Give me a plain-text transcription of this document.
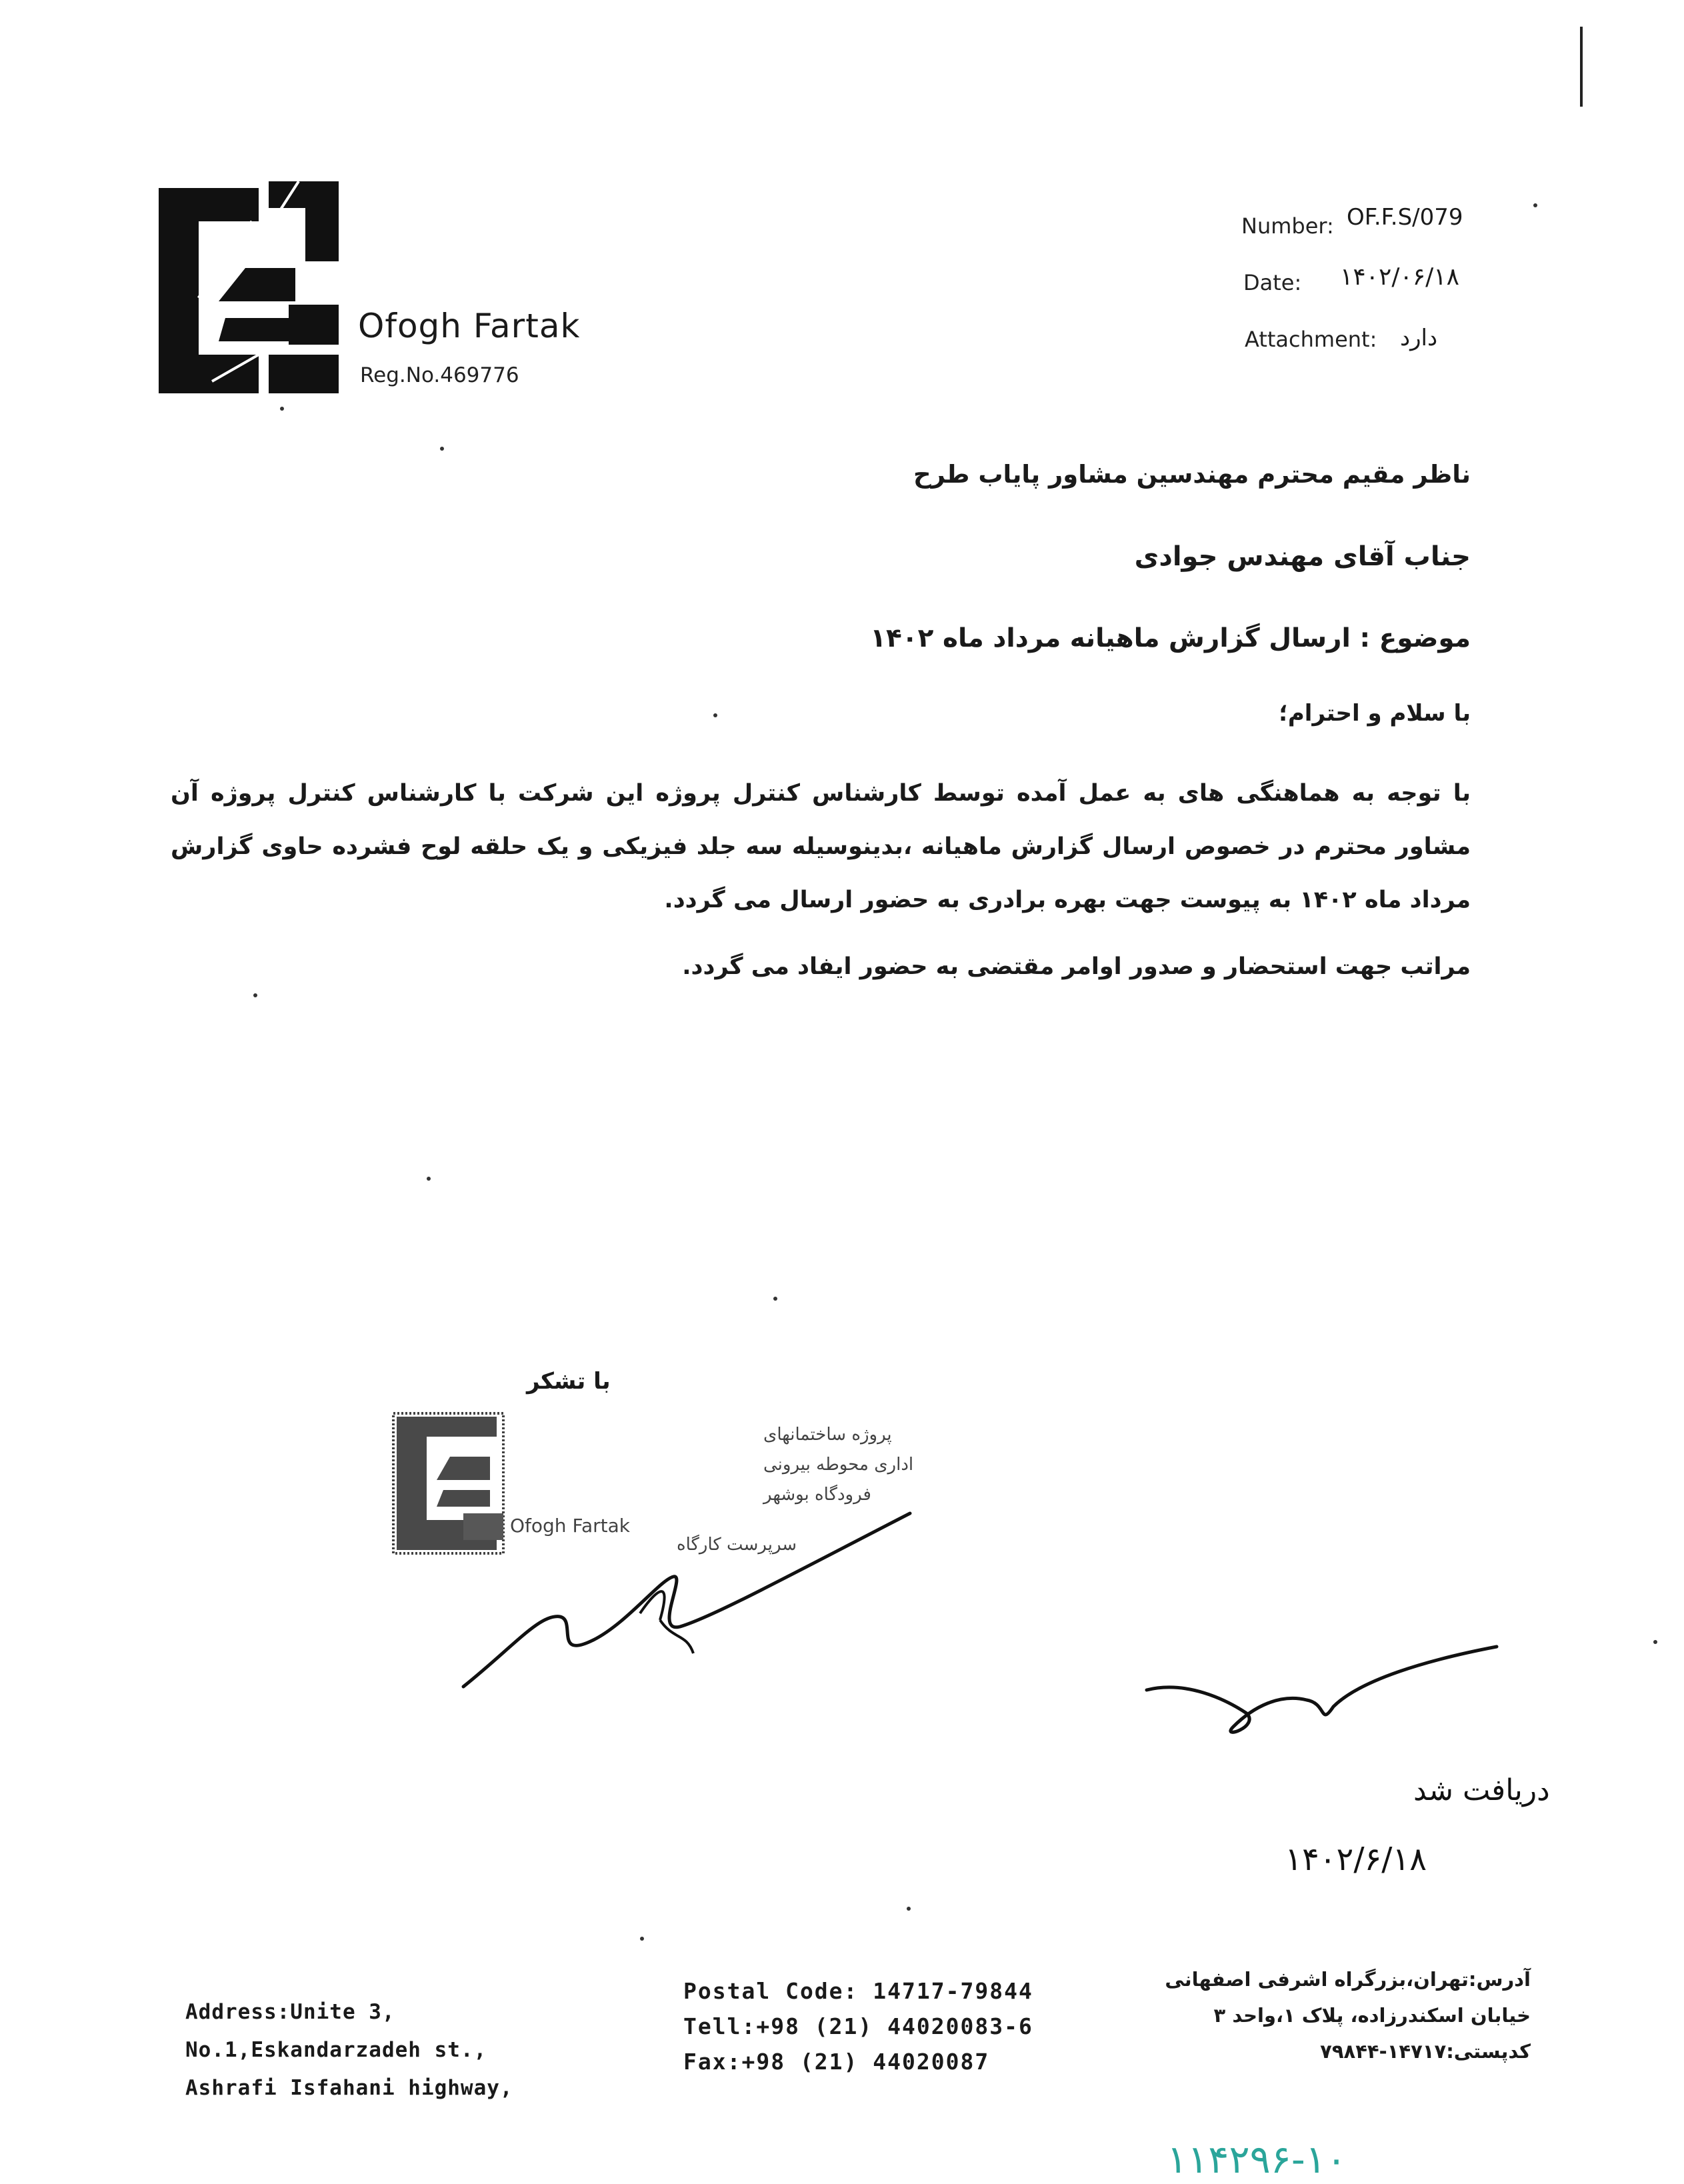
Ofogh Fartak
Reg.No.469776
Number: OF.F.S/079
Date: ۱۴۰۲/۰۶/۱۸
Attachment: دارد
ناظر مقیم محترم مهندسین مشاور پایاب طرح
جناب آقای مهندس جوادی
موضوع : ارسال گزارش ماهیانه مرداد ماه ۱۴۰۲
با سلام و احترام؛
با توجه به هماهنگی های به عمل آمده توسط کارشناس کنترل پروژه این شرکت با کارشناس کنترل پروژه آن مشاور محترم در خصوص ارسال گزارش ماهیانه ،بدینوسیله سه جلد فیزیکی و یک حلقه لوح فشرده حاوی گزارش مرداد ماه ۱۴۰۲ به پیوست جهت بهره برادری به حضور ارسال می گردد.
مراتب جهت استحضار و صدور اوامر مقتضی به حضور ایفاد می گردد.
با تشکر
پروژه ساختمانهای
اداری محوطه بیرونی
فرودگاه بوشهر
Ofogh Fartak
سرپرست کارگاه
دریافت شد
۱۴۰۲/۶/۱۸
Address:Unite 3,
No.1,Eskandarzadeh st.,
Ashrafi Isfahani highway,
Postal Code: 14717-79844
Tell:+98 (21) 44020083-6
Fax:+98 (21) 44020087
آدرس:تهران،بزرگراه اشرفی اصفهانی
خیابان اسکندرزاده، پلاک ۱،واحد ۳
کدپستی:۱۴۷۱۷-۷۹۸۴۴
۱۱۴۲۹۶-۱۰
